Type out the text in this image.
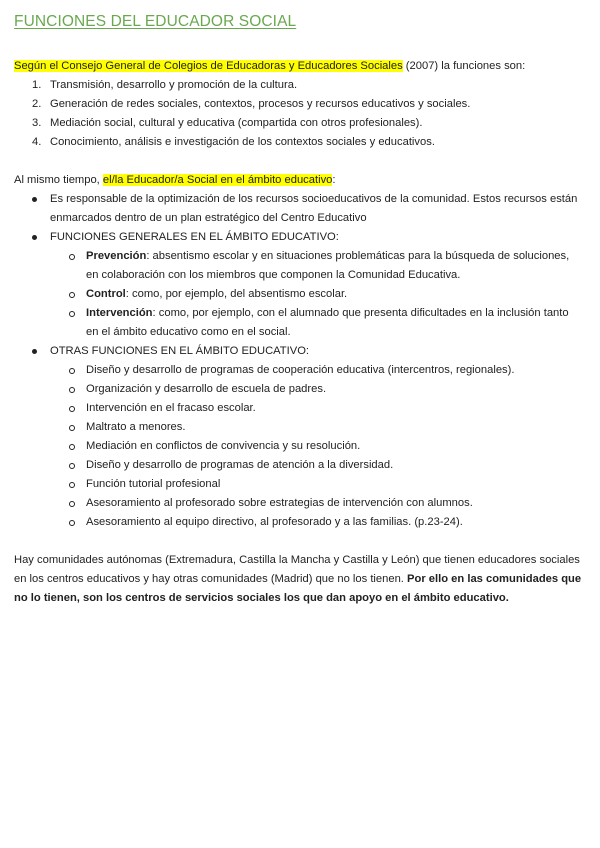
FUNCIONES DEL EDUCADOR SOCIAL

Según el Consejo General de Colegios de Educadoras y Educadores Sociales (2007) la funciones son:

1. Transmisión, desarrollo y promoción de la cultura.
2. Generación de redes sociales, contextos, procesos y recursos educativos y sociales.
3. Mediación social, cultural y educativa (compartida con otros profesionales).
4. Conocimiento, análisis e investigación de los contextos sociales y educativos.

Al mismo tiempo, el/la Educador/a Social en el ámbito educativo:

Es responsable de la optimización de los recursos socioeducativos de la comunidad. Estos recursos están enmarcados dentro de un plan estratégico del Centro Educativo
FUNCIONES GENERALES EN EL ÁMBITO EDUCATIVO:
Prevención: absentismo escolar y en situaciones problemáticas para la búsqueda de soluciones, en colaboración con los miembros que componen la Comunidad Educativa.
Control: como, por ejemplo, del absentismo escolar.
Intervención: como, por ejemplo, con el alumnado que presenta dificultades en la inclusión tanto en el ámbito educativo como en el social.
OTRAS FUNCIONES EN EL ÁMBITO EDUCATIVO:
Diseño y desarrollo de programas de cooperación educativa (intercentros, regionales).
Organización y desarrollo de escuela de padres.
Intervención en el fracaso escolar.
Maltrato a menores.
Mediación en conflictos de convivencia y su resolución.
Diseño y desarrollo de programas de atención a la diversidad.
Función tutorial profesional
Asesoramiento al profesorado sobre estrategias de intervención con alumnos.
Asesoramiento al equipo directivo, al profesorado y a las familias. (p.23-24).

Hay comunidades autónomas (Extremadura, Castilla la Mancha y Castilla y León) que tienen educadores sociales en los centros educativos y hay otras comunidades (Madrid) que no los tienen. Por ello en las comunidades que no lo tienen, son los centros de servicios sociales los que dan apoyo en el ámbito educativo.
